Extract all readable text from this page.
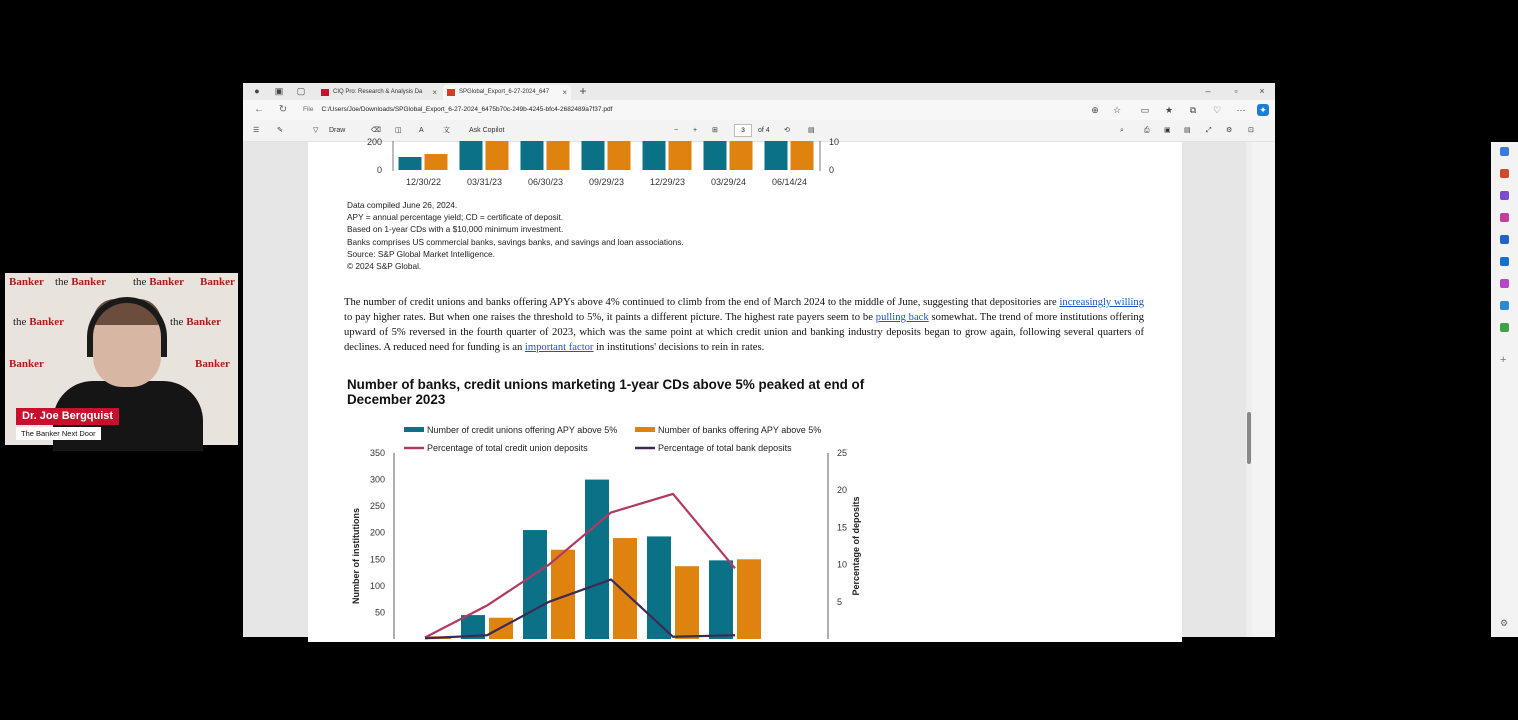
Banker the Banker the Banker Banker
the Banker	the Banker
Banker	Banker
Dr. Joe Bergquist
The Banker Next Door
● ▣ ▢	CIQ Pro: Research & Analysis Da ×	SPGlobal_Export_6-27-2024_647 × +	–	▫	×
← ↻ File C:/Users/Joe/Downloads/SPGlobal_Export_6-27-2024_6475b70c-249b-4245-bfc4-2682489a7f37.pdf	⊕ ☆ ▭ ★	⧉	♡ ⋯ ✦
☰	✎	▽ Draw	⌫ ◫ A	文	Ask Copilot	− + ⊞	3	of 4 ⟲	▤	⌕	⎙ ▣ ▤ ⤢ ⚙ ⊡
200
0
10
0
12/30/22	03/31/23	06/30/23	09/29/23	12/29/23	03/29/24	06/14/24
Data compiled June 26, 2024.
APY = annual percentage yield; CD = certificate of deposit.
Based on 1-year CDs with a $10,000 minimum investment.
Banks comprises US commercial banks, savings banks, and savings and loan associations.
Source: S&P Global Market Intelligence.
© 2024 S&P Global.
The number of credit unions and banks offering APYs above 4% continued to climb from the end of March 2024 to the middle of June, suggesting that depositories are increasingly willing to pay higher rates. But when one raises the threshold to 5%, it paints a different picture. The highest rate payers seem to be pulling back somewhat. The trend of more institutions offering upward of 5% reversed in the fourth quarter of 2023, which was the same point at which credit union and banking industry deposits began to grow again, following several quarters of declines. A reduced need for funding is an important factor in institutions' decisions to rein in rates.
Number of banks, credit unions marketing 1-year CDs above 5% peaked at end of December 2023
Number of credit unions offering APY above 5%	Number of banks offering APY above 5%
Percentage of total credit union deposits	Percentage of total bank deposits
50
100
150
200
250
300
350
5
10
15
20
25
Number of institutions	Percentage of deposits
+
⚙
